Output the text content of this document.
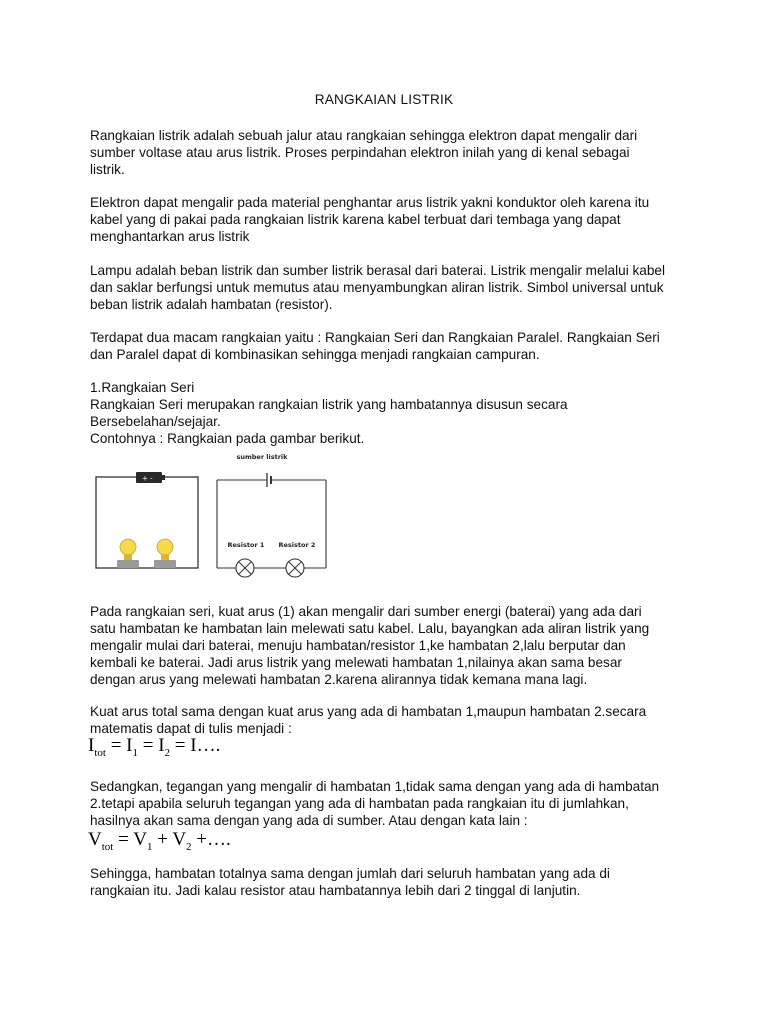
RANGKAIAN LISTRIK
Rangkaian listrik adalah sebuah jalur atau rangkaian sehingga elektron dapat mengalir dari
sumber voltase atau arus listrik. Proses perpindahan elektron inilah yang di kenal sebagai
listrik.
Elektron dapat mengalir pada material penghantar arus listrik yakni konduktor oleh karena itu
kabel yang di pakai pada rangkaian listrik karena kabel terbuat dari tembaga yang dapat
menghantarkan arus listrik
Lampu adalah beban listrik dan sumber listrik berasal dari baterai. Listrik mengalir melalui kabel
dan saklar berfungsi untuk memutus atau menyambungkan aliran listrik. Simbol universal untuk
beban listrik adalah hambatan (resistor).
Terdapat dua macam rangkaian yaitu : Rangkaian Seri dan Rangkaian Paralel. Rangkaian Seri
dan Paralel dapat di kombinasikan sehingga menjadi rangkaian campuran.
1.Rangkaian Seri
Rangkaian Seri merupakan rangkaian listrik yang hambatannya disusun secara
Bersebelahan/sejajar.
Contohnya : Rangkaian pada gambar berikut.
+ -
sumber listrik
Resistor 1 Resistor 2
Pada rangkaian seri, kuat arus (1) akan mengalir dari sumber energi (baterai) yang ada dari
satu hambatan ke hambatan lain melewati satu kabel. Lalu, bayangkan ada aliran listrik yang
mengalir mulai dari baterai, menuju hambatan/resistor 1,ke hambatan 2,lalu berputar dan
kembali ke baterai. Jadi arus listrik yang melewati hambatan 1,nilainya akan sama besar
dengan arus yang melewati hambatan 2.karena alirannya tidak kemana mana lagi.
Kuat arus total sama dengan kuat arus yang ada di hambatan 1,maupun hambatan 2.secara
matematis dapat di tulis menjadi :
$I_{tot} = I_1 = I_2$ = I….
Sedangkan, tegangan yang mengalir di hambatan 1,tidak sama dengan yang ada di hambatan
2.tetapi apabila seluruh tegangan yang ada di hambatan pada rangkaian itu di jumlahkan,
hasilnya akan sama dengan yang ada di sumber. Atau dengan kata lain :
$V_{tot} = V_1 + V_2$ +….
Sehingga, hambatan totalnya sama dengan jumlah dari seluruh hambatan yang ada di
rangkaian itu. Jadi kalau resistor atau hambatannya lebih dari 2 tinggal di lanjutin.
